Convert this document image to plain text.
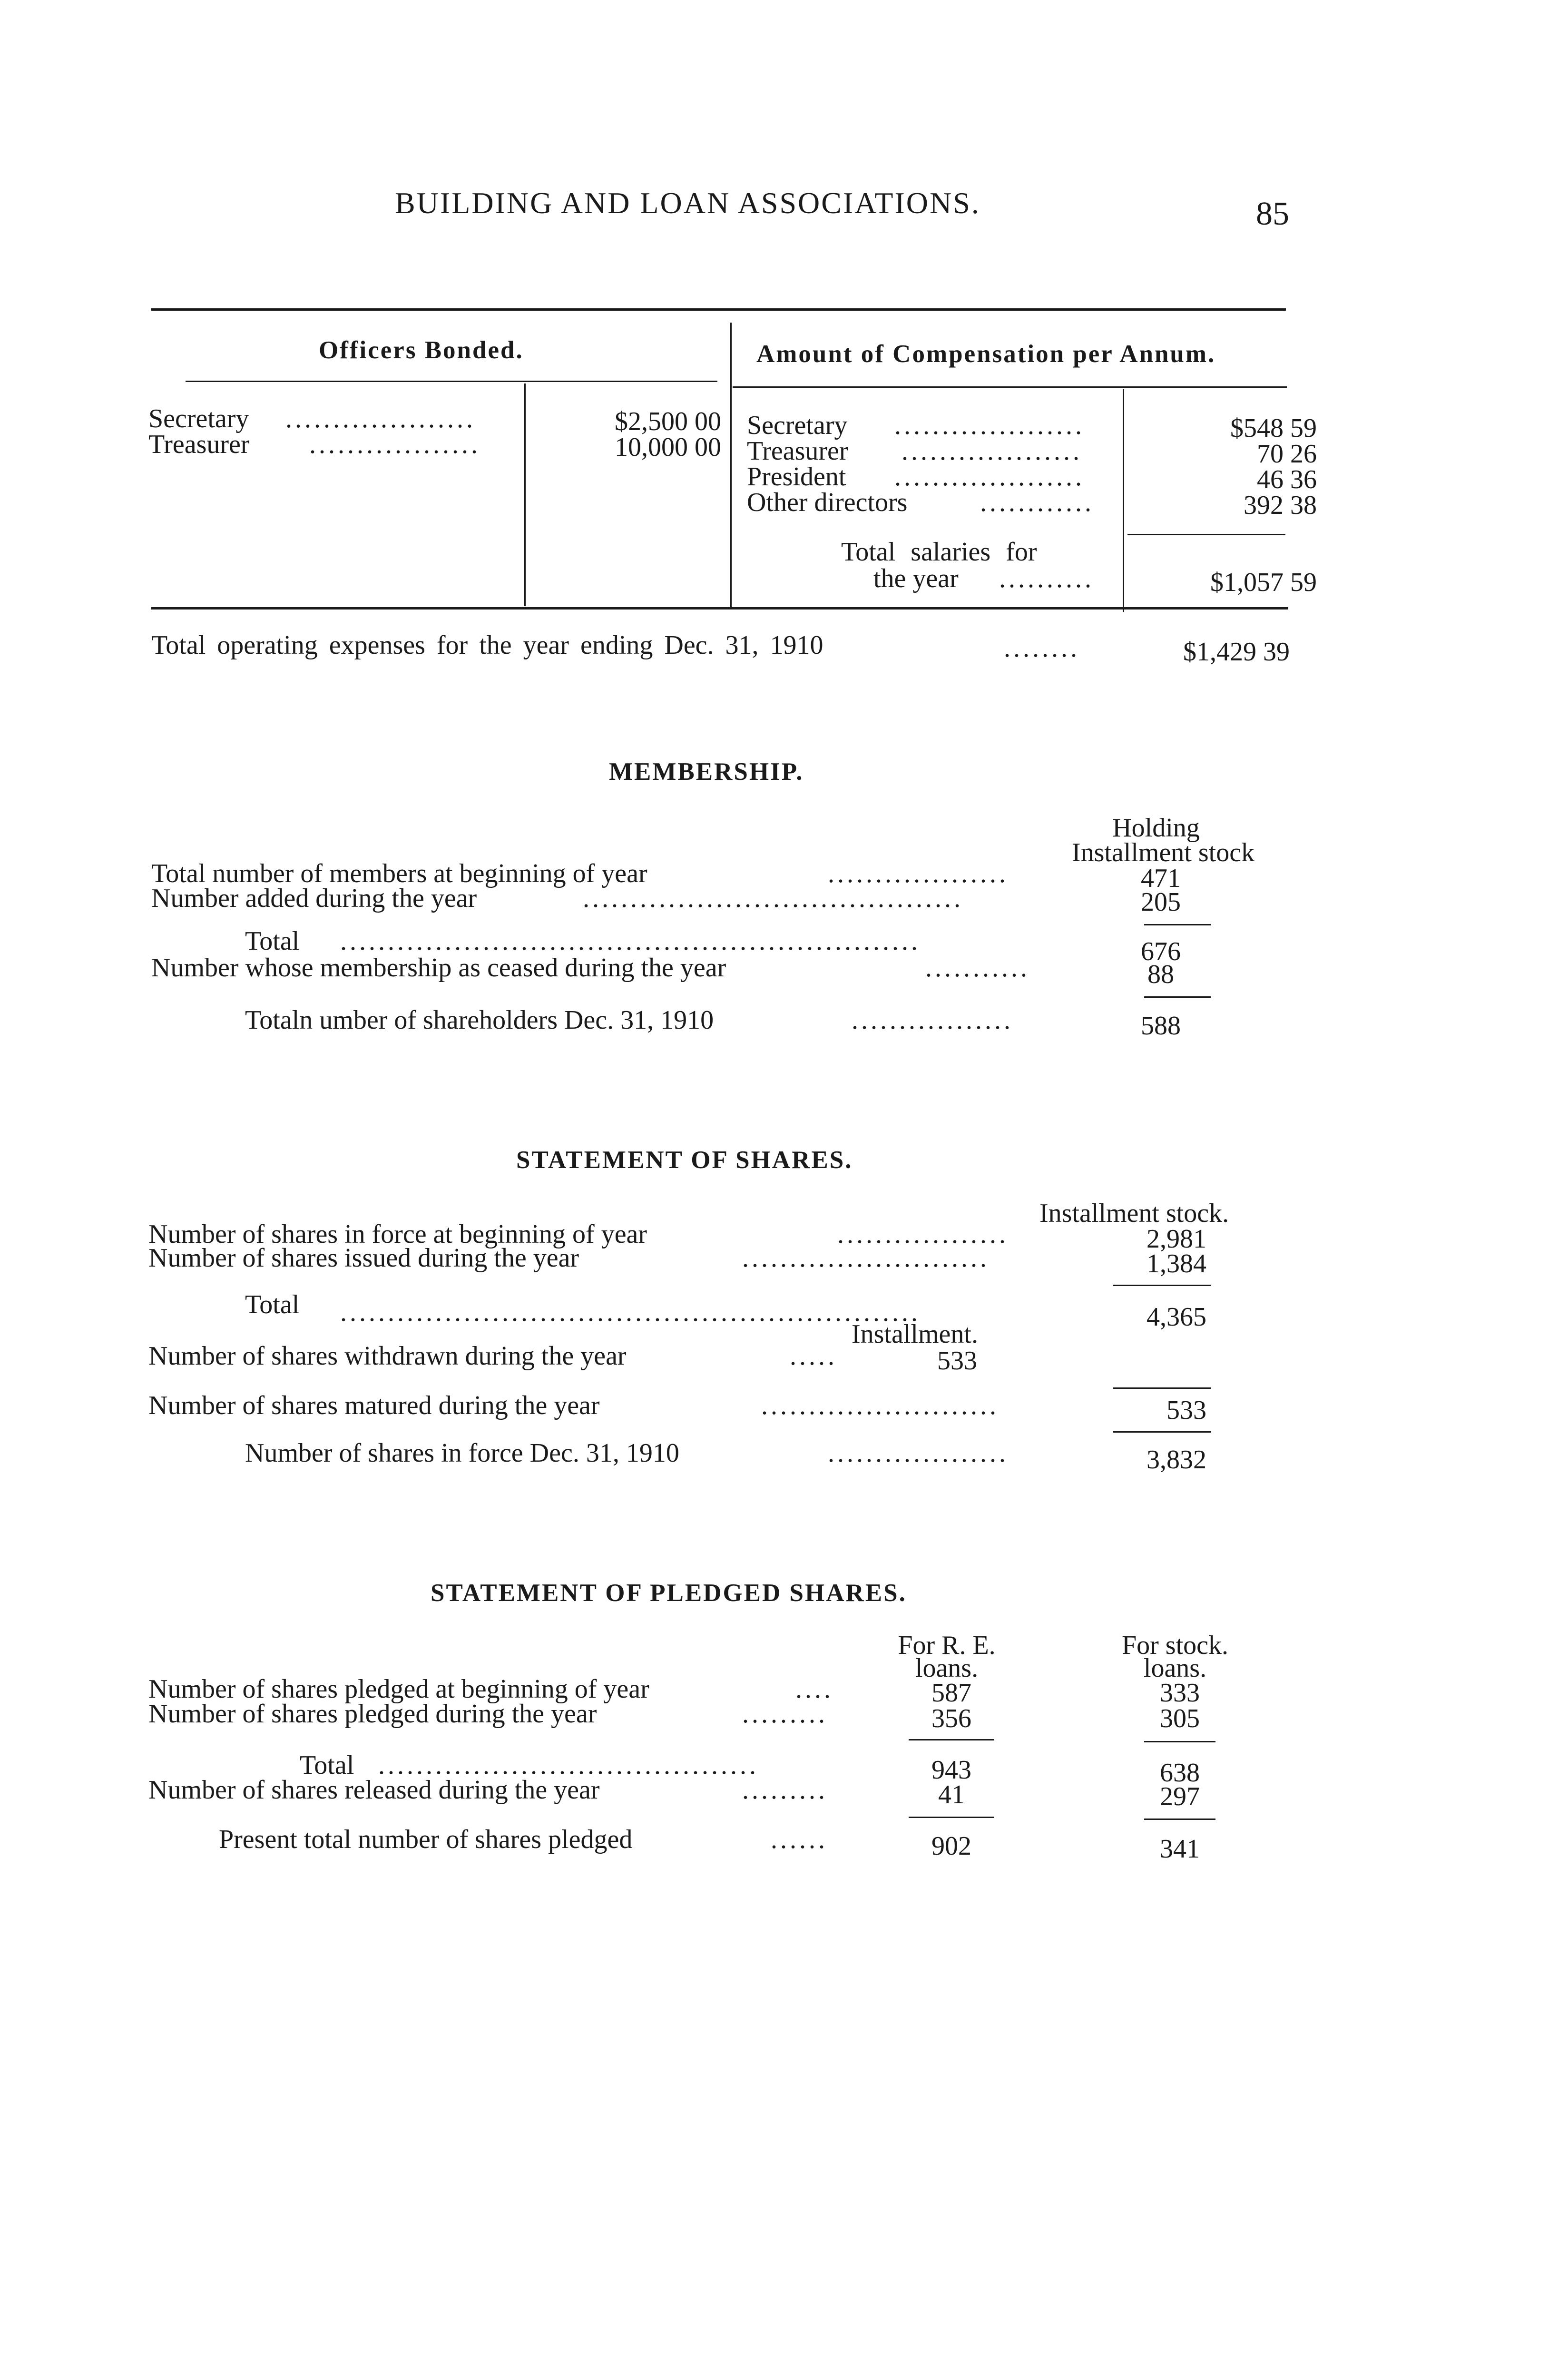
BUILDING AND LOAN ASSOCIATIONS.	85
Officers Bonded.	Amount of Compensation per Annum.
Secretary ....................	$2,500 00
Treasurer ..................	10,000 00
Secretary ....................	$548 59
Treasurer ...................	70 26
President ....................	46 36
Other directors	............	392 38
Total salaries for
the year ..........	$1,057 59
Total operating expenses for the year ending Dec. 31, 1910	........	$1,429 39
MEMBERSHIP.
Holding
Installment stock
Total number of members at beginning of year	...................	471
Number added during the year	........................................	205
Total .............................................................	676
Number whose membership as ceased during the year	...........	88
Totaln umber of shareholders Dec. 31, 1910	.................	588
STATEMENT OF SHARES.
Installment stock.
Number of shares in force at beginning of year	..................	2,981
Number of shares issued during the year	..........................	1,384
Total .............................................................	4,365
Installment.
Number of shares withdrawn during the year	.....	533
Number of shares matured during the year	.........................	533
Number of shares in force Dec. 31, 1910	...................	3,832
STATEMENT OF PLEDGED SHARES.
For R. E.
loans.
For stock.
loans.
Number of shares pledged at beginning of year	....	587	333
Number of shares pledged during the year	.........	356	305
Total ........................................	943	638
Number of shares released during the year	.........	41	297
Present total number of shares pledged	......	902	341
